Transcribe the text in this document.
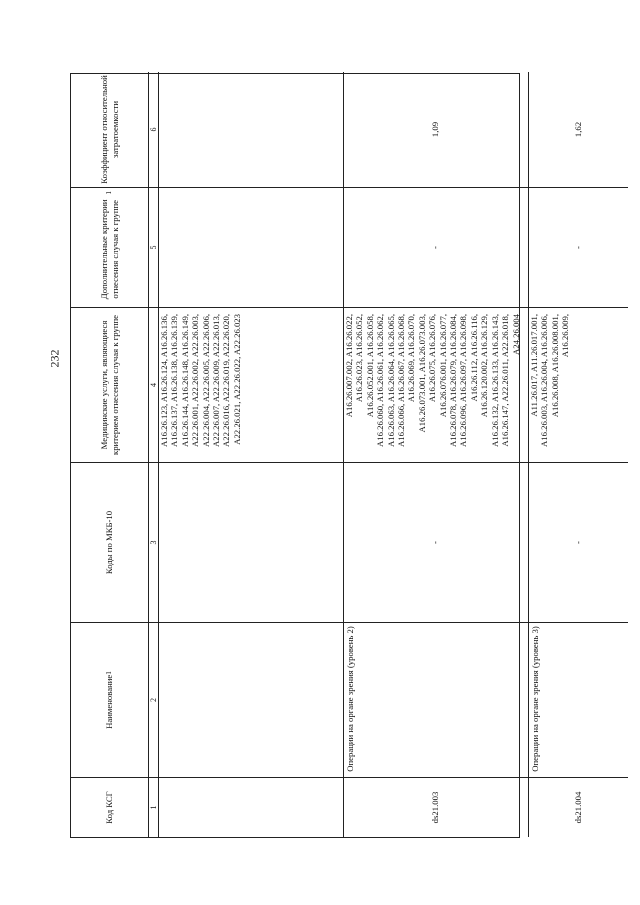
232
Код КСГ
Наименование
1
Коды по МКБ-10
Медицинские услуги, являющиеся критерием отнесения случая к группе
Дополнительные критерии отнесения случая к группе
1
Коэффициент относительной затратоемкости
1
2
3
4
5
6
A16.26.123, A16.26.124, A16.26.136, A16.26.137, A16.26.138, A16.26.139, A16.26.144, A16.26.148, A16.26.149, A22.26.001, A22.26.002, A22.26.003, A22.26.004, A22.26.005, A22.26.006, A22.26.007, A22.26.009, A22.26.013, A22.26.016, A22.26.019, A22.26.020, A22.26.021, A22.26.022, A22.26.023
ds21.003
Операции на органе зрения (уровень 2)
-
A16.26.007.002, A16.26.022, A16.26.023, A16.26.052, A16.26.052.001, A16.26.058, A16.26.060, A16.26.061, A16.26.062, A16.26.063, A16.26.064, A16.26.065, A16.26.066, A16.26.067, A16.26.068, A16.26.069, A16.26.070, A16.26.073.001, A16.26.073.003, A16.26.075, A16.26.076, A16.26.076.001, A16.26.077, A16.26.078, A16.26.079, A16.26.084, A16.26.096, A16.26.097, A16.26.098, A16.26.112, A16.26.116, A16.26.120.002, A16.26.129, A16.26.132, A16.26.133, A16.26.143, A16.26.147, A22.26.011, A22.26.018, A24.26.004
-
1,09
ds21.004
Операции на органе зрения (уровень 3)
-
A11.26.017, A11.26.017.001, A16.26.003, A16.26.004, A16.26.006, A16.26.008, A16.26.008.001, A16.26.009,
-
1,62
